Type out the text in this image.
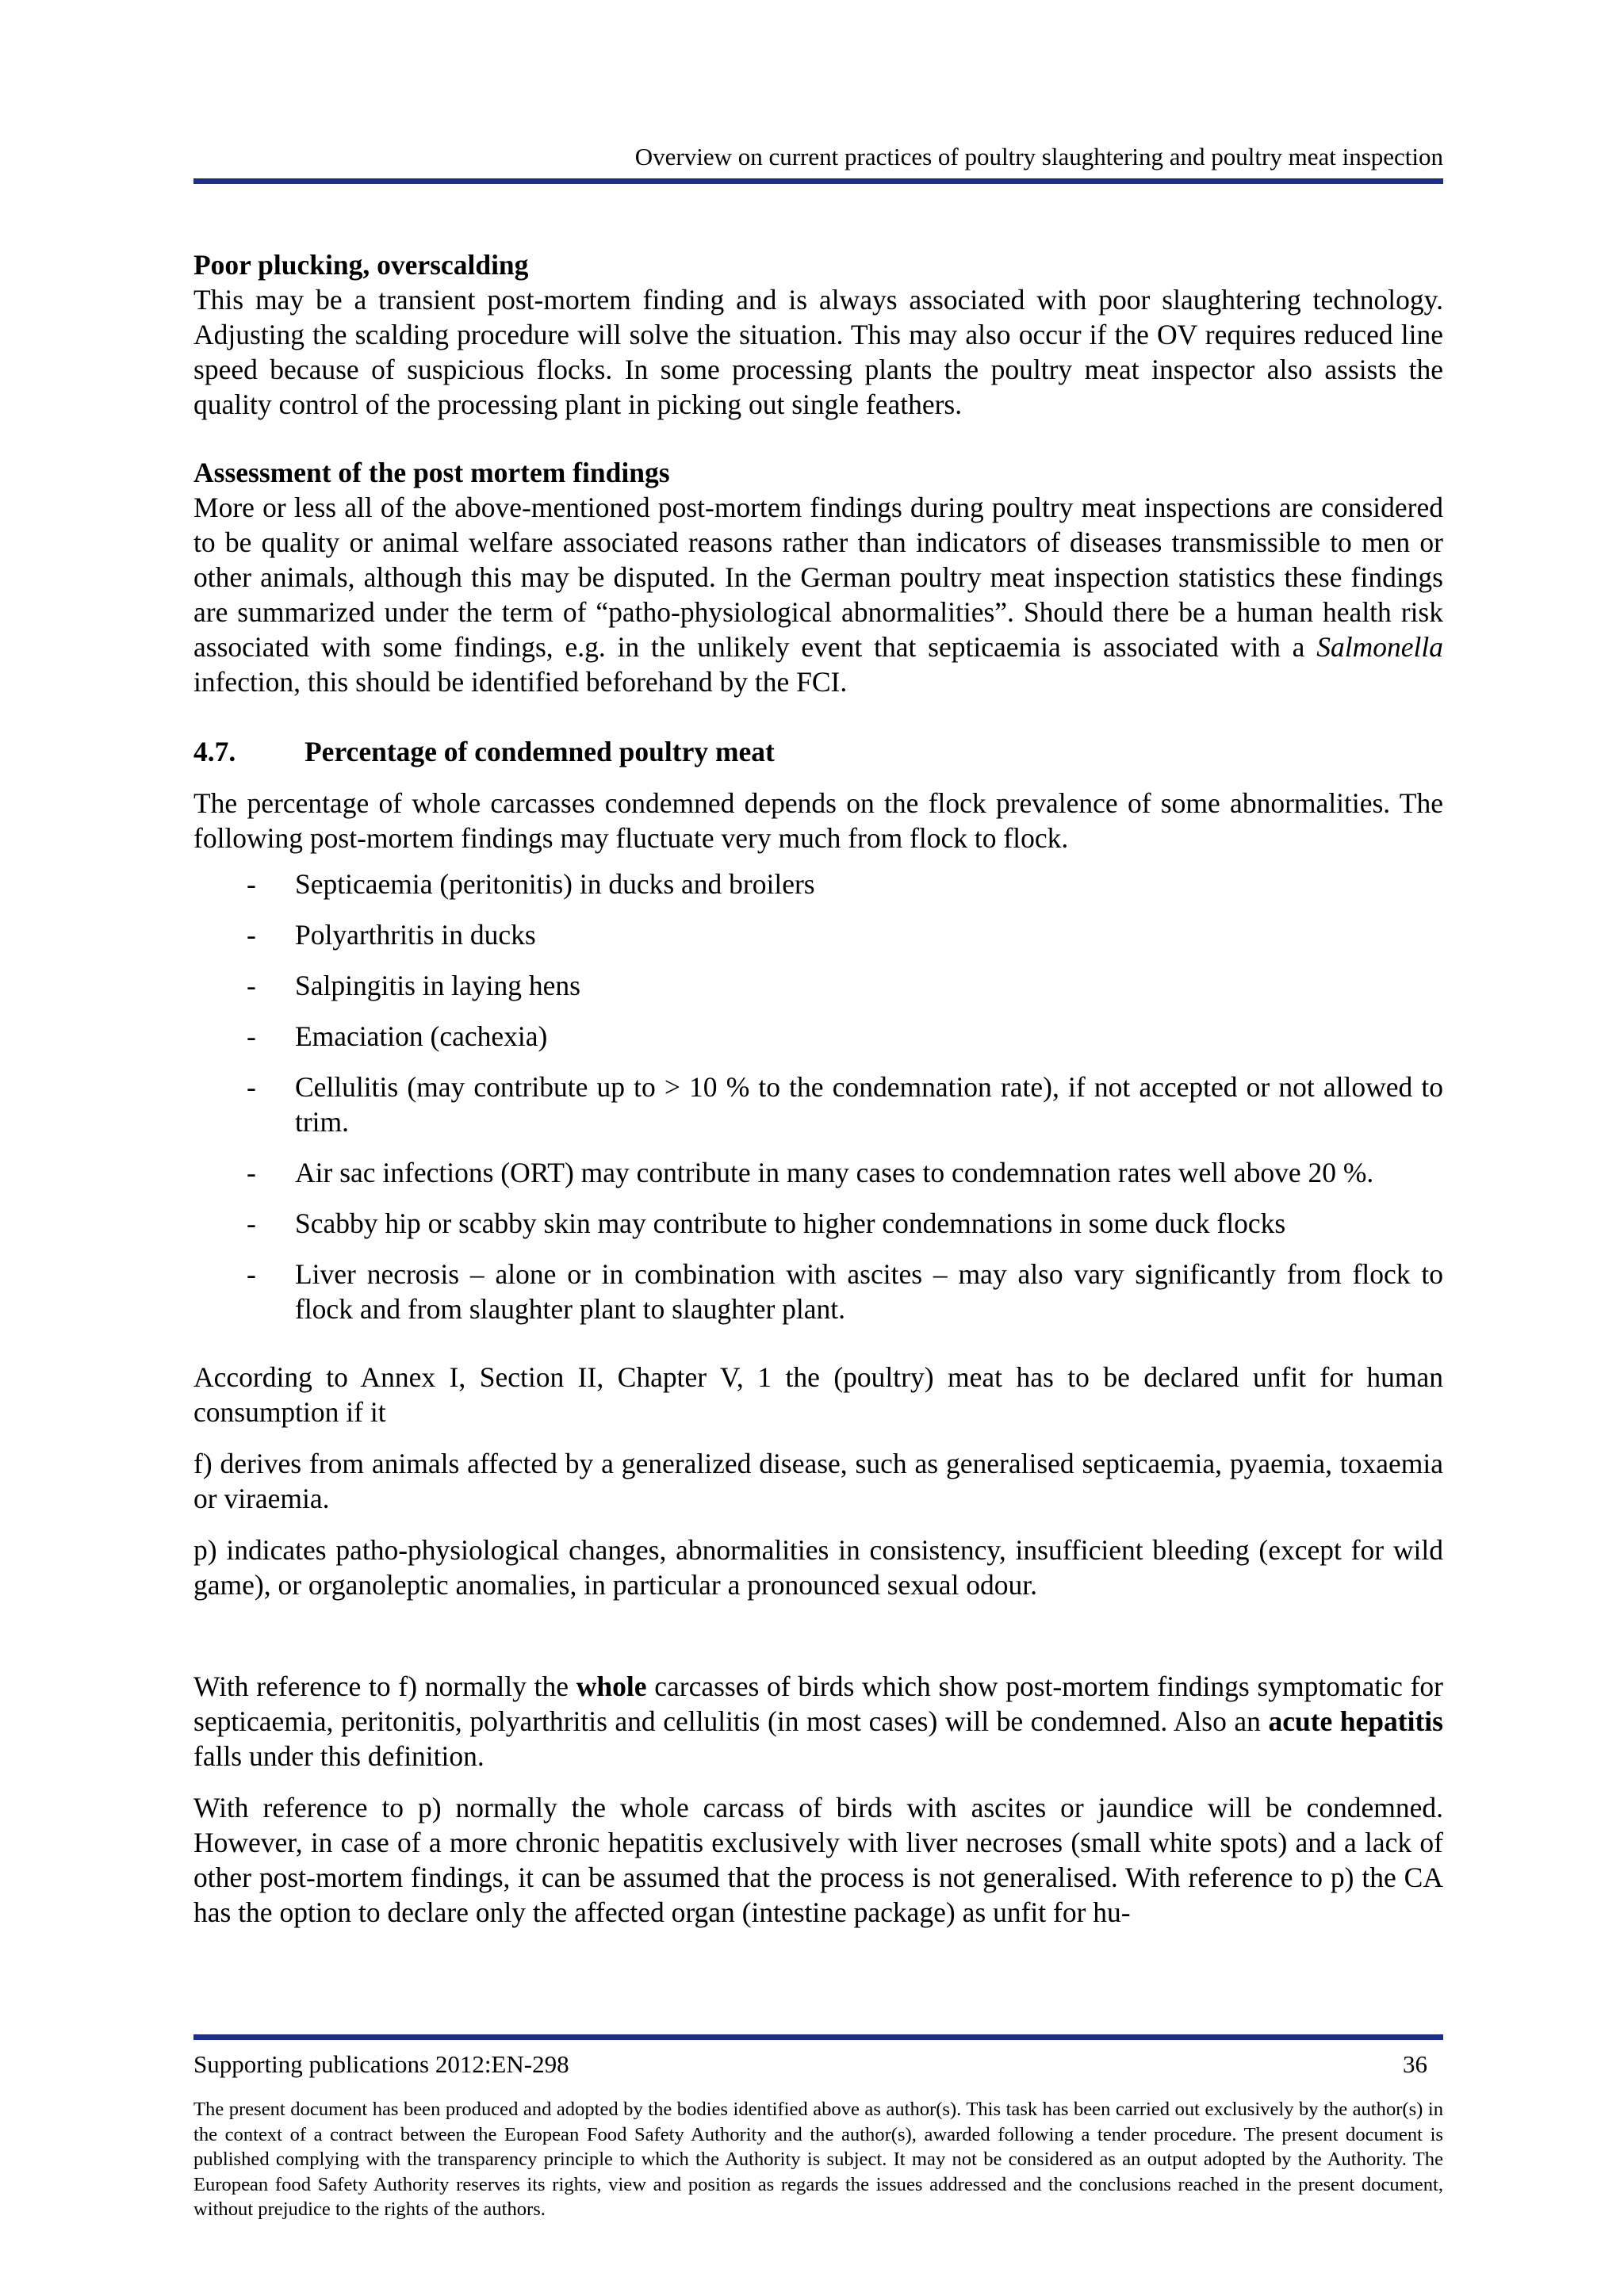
Overview on current practices of poultry slaughtering and poultry meat inspection

Poor plucking, overscalding

This may be a transient post-mortem finding and is always associated with poor slaughtering technology. Adjusting the scalding procedure will solve the situation. This may also occur if the OV requires reduced line speed because of suspicious flocks. In some processing plants the poultry meat inspector also assists the quality control of the processing plant in picking out single feathers.

Assessment of the post mortem findings

More or less all of the above-mentioned post-mortem findings during poultry meat inspections are considered to be quality or animal welfare associated reasons rather than indicators of diseases transmissible to men or other animals, although this may be disputed. In the German poultry meat inspection statistics these findings are summarized under the term of “patho-physiological abnormalities”. Should there be a human health risk associated with some findings, e.g. in the unlikely event that septicaemia is associated with a Salmonella infection, this should be identified beforehand by the FCI.

4.7.	Percentage of condemned poultry meat

The percentage of whole carcasses condemned depends on the flock prevalence of some abnormalities. The following post-mortem findings may fluctuate very much from flock to flock.

- Septicaemia (peritonitis) in ducks and broilers
- Polyarthritis in ducks
- Salpingitis in laying hens
- Emaciation (cachexia)
- Cellulitis (may contribute up to > 10 % to the condemnation rate), if not accepted or not allowed to trim.
- Air sac infections (ORT) may contribute in many cases to condemnation rates well above 20 %.
- Scabby hip or scabby skin may contribute to higher condemnations in some duck flocks
- Liver necrosis – alone or in combination with ascites – may also vary significantly from flock to flock and from slaughter plant to slaughter plant.

According to Annex I, Section II, Chapter V, 1 the (poultry) meat has to be declared unfit for human consumption if it

f) derives from animals affected by a generalized disease, such as generalised septicaemia, pyaemia, toxaemia or viraemia.

p) indicates patho-physiological changes, abnormalities in consistency, insufficient bleeding (except for wild game), or organoleptic anomalies, in particular a pronounced sexual odour.

With reference to f) normally the whole carcasses of birds which show post-mortem findings symptomatic for septicaemia, peritonitis, polyarthritis and cellulitis (in most cases) will be condemned. Also an acute hepatitis falls under this definition.

With reference to p) normally the whole carcass of birds with ascites or jaundice will be condemned. However, in case of a more chronic hepatitis exclusively with liver necroses (small white spots) and a lack of other post-mortem findings, it can be assumed that the process is not generalised. With reference to p) the CA has the option to declare only the affected organ (intestine package) as unfit for hu-

Supporting publications 2012:EN-298	36
The present document has been produced and adopted by the bodies identified above as author(s). This task has been carried out exclusively by the author(s) in the context of a contract between the European Food Safety Authority and the author(s), awarded following a tender procedure. The present document is published complying with the transparency principle to which the Authority is subject. It may not be considered as an output adopted by the Authority. The European food Safety Authority reserves its rights, view and position as regards the issues addressed and the conclusions reached in the present document, without prejudice to the rights of the authors.
